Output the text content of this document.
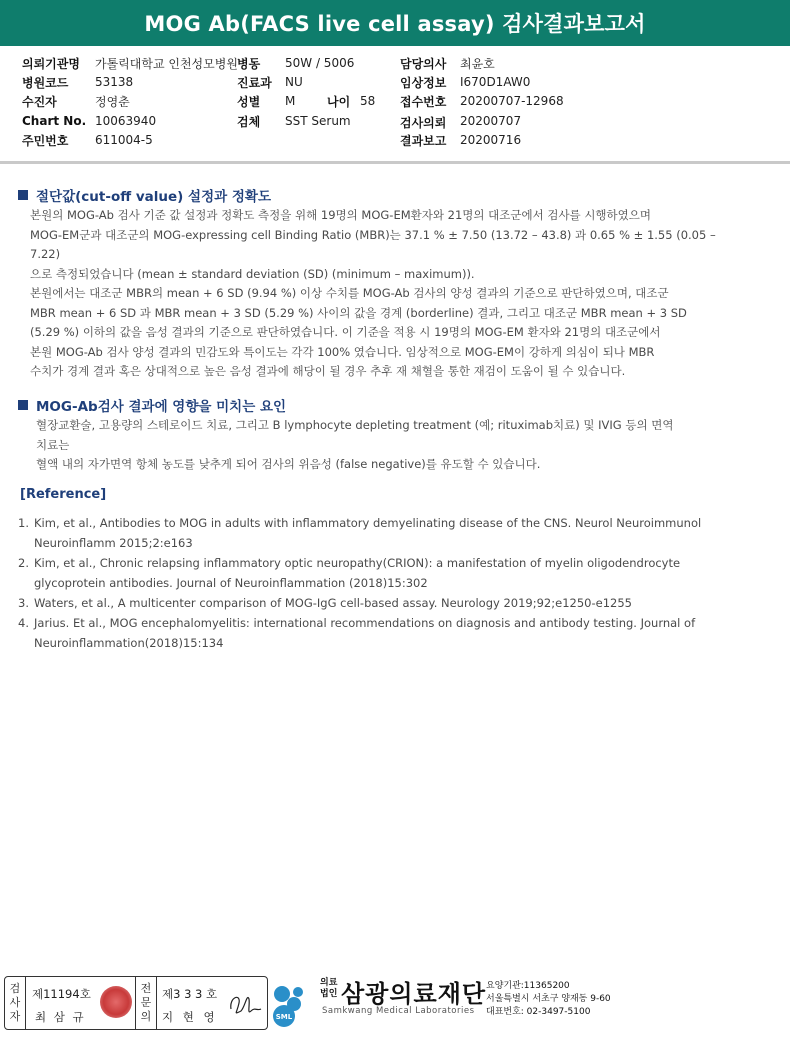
MOG Ab(FACS live cell assay) 검사결과보고서
의뢰기관명 가톨릭대학교 인천성모병원 병동 50W / 5006	담당의사 최윤호
병원코드 53138	진료과 NU	임상정보 I670D1AW0
수진자	정영춘	성별 M	나이 58 접수번호 20200707-12968
Chart No. 10063940	검체 SST Serum	검사의뢰 20200707
주민번호 611004-5	결과보고 20200716
절단값(cut-off value) 설정과 정확도

본원의 MOG-Ab 검사 기준 값 설정과 정확도 측정을 위해 19명의 MOG-EM환자와 21명의 대조군에서 검사를 시행하였으며

MOG-EM군과 대조군의 MOG-expressing cell Binding Ratio (MBR)는 37.1 % ± 7.50 (13.72 – 43.8) 과 0.65 % ± 1.55 (0.05 –

7.22)

으로 측정되었습니다 (mean ± standard deviation (SD) (minimum – maximum)).

본원에서는 대조군 MBR의 mean + 6 SD (9.94 %) 이상 수치를 MOG-Ab 검사의 양성 결과의 기준으로 판단하였으며, 대조군

MBR mean + 6 SD 과 MBR mean + 3 SD (5.29 %) 사이의 값을 경계 (borderline) 결과, 그리고 대조군 MBR mean + 3 SD

(5.29 %) 이하의 값을 음성 결과의 기준으로 판단하였습니다. 이 기준을 적용 시 19명의 MOG-EM 환자와 21명의 대조군에서

본원 MOG-Ab 검사 양성 결과의 민감도와 특이도는 각각 100% 였습니다. 임상적으로 MOG-EM이 강하게 의심이 되나 MBR

수치가 경계 결과 혹은 상대적으로 높은 음성 결과에 해당이 될 경우 추후 재 채혈을 통한 재검이 도움이 될 수 있습니다.

MOG-Ab검사 결과에 영향을 미치는 요인

혈장교환술, 고용량의 스테로이드 치료, 그리고 B lymphocyte depleting treatment (예; rituximab치료) 및 IVIG 등의 면역

치료는

혈액 내의 자가면역 항체 농도를 낮추게 되어 검사의 위음성 (false negative)를 유도할 수 있습니다.

[Reference]
1. Kim, et al., Antibodies to MOG in adults with inflammatory demyelinating disease of the CNS. Neurol Neuroimmunol
Neuroinflamm 2015;2:e163
2. Kim, et al., Chronic relapsing inflammatory optic neuropathy(CRION): a manifestation of myelin oligodendrocyte
glycoprotein antibodies. Journal of Neuroinflammation (2018)15:302
3. Waters, et al., A multicenter comparison of MOG-IgG cell-based assay. Neurology 2019;92;e1250-e1255
4. Jarius. Et al., MOG encephalomyelitis: international recommendations on diagnosis and antibody testing. Journal of
Neuroinflammation(2018)15:134
검
사
자
제11194호
최 삼 규
전
문
의
제3 3 3 호
지 현 영	SML
의료
법인 삼광의료재단
Samkwang Medical Laboratories
요양기관:11365200
서울특별시 서초구 양재동 9-60
대표번호: 02-3497-5100
